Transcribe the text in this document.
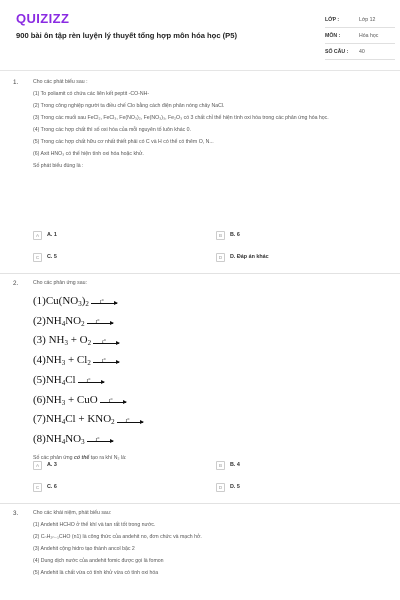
QUIZIZZ
900 bài ôn tập rèn luyện lý thuyết tổng hợp môn hóa học (P5)
LỚP :	Lớp 12
MÔN :	Hóa học
SỐ CÂU :	40
1.	Cho các phát biểu sau :
(1) To poliamit có chứa các liên kết peptit -CO-NH-
(2) Trong công nghiệp người ta điều chế Clo bằng cách điện phân nóng chảy NaCl.
(3) Trong các muối sau FeCl₂, FeCl₃, Fe(NO₃)₂, Fe(NO₃)₃, Fe₂O₃ có 3 chất chỉ thể hiện tính oxi hóa trong các phản ứng hóa học.
(4) Trong các hợp chất thì số oxi hóa của mỗi nguyên tố luôn khác 0.
(5) Trong các hợp chất hữu cơ nhất thiết phải có C và H có thể có thêm O, N...
(6) Axit HNO₃ có thể hiện tính oxi hóa hoặc khử.
Số phát biểu đúng là :
A	A. 1	B	B. 6
C	C. 5	D	D. Đáp án khác
2.	Cho các phản ứng sau:
$(1)Cu(NO_3)_2$ t°
$(2)NH_4NO_2$ t°
(3) $NH_3 + O_2$ t°
$(4)NH_3 + Cl_2$ t°
$(5)NH_4Cl$ t°
$(6)NH_3$ + CuO t°
$(7)NH_4Cl + KNO_2$ t°
$(8)NH_4NO_3$ t°
Số các phản ứng có thể tạo ra khí N₂ là:
A	A. 3	B	B. 4
C	C. 6	D	D. 5
3.	Cho các khái niệm, phát biểu sau:
(1) Andehit HCHO ở thể khí và tan rất tốt trong nước.
(2) CₙH₂ₙ₋₁CHO (n1) là công thức của andehit no, đơn chức và mạch hở.
(3) Andehit cộng hidro tạo thành ancol bậc 2
(4) Dung dịch nước của andehit fomic được gọi là fomon
(5) Andehit là chất vừa có tính khử vừa có tính oxi hóa
